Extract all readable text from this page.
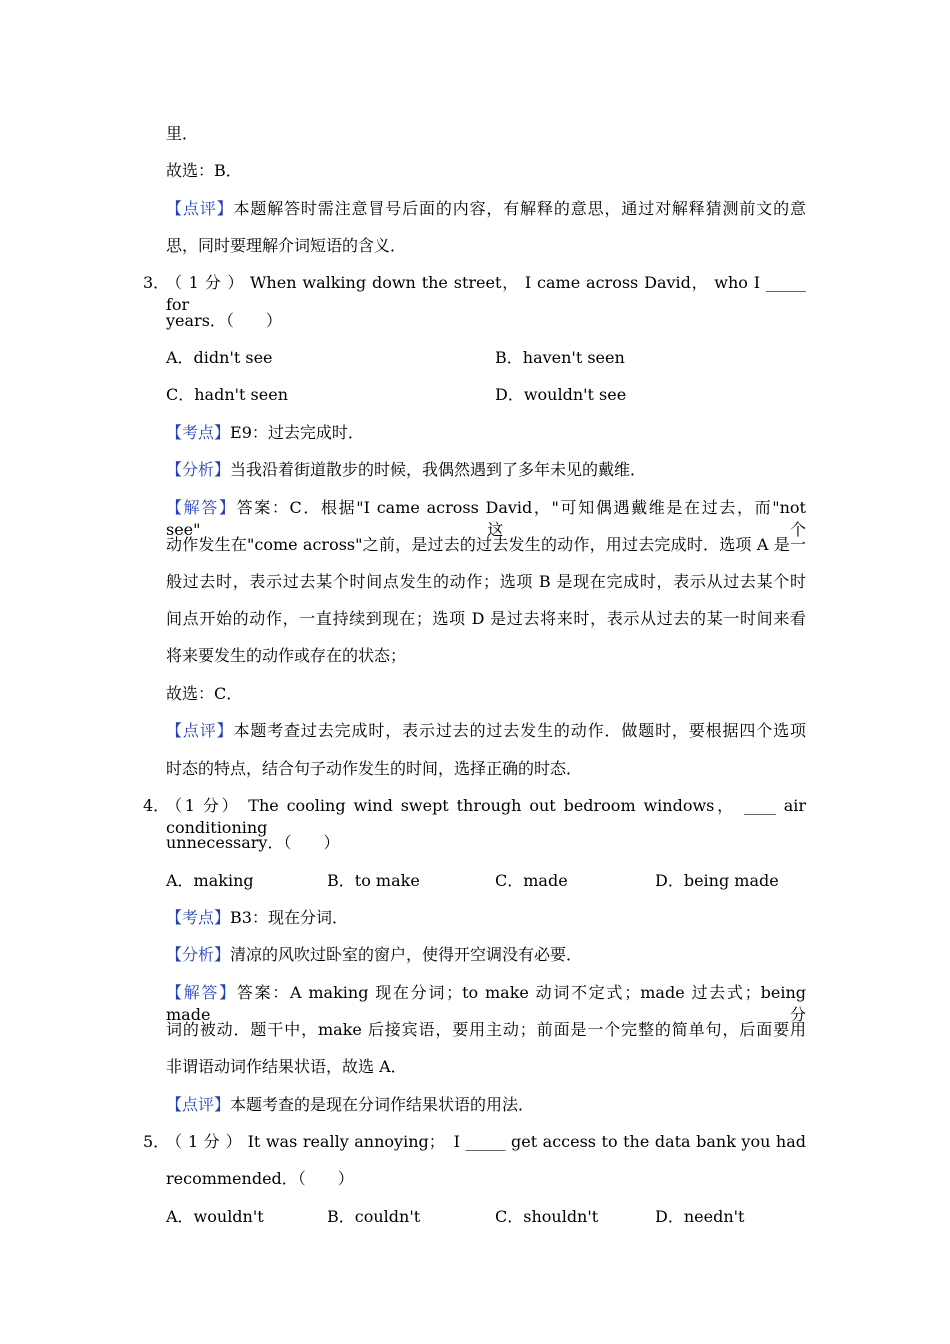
里．
故选：B．
【点评】本题解答时需注意冒号后面的内容，有解释的意思，通过对解释猜测前文的意
思，同时要理解介词短语的含义．
3．
（ 1 分 ） When walking down the street， I came across David， who I _____ for
years．（　　）
A．didn't see	B．haven't seen
C．hadn't seen	D．wouldn't see
【考点】E9：过去完成时．
【分析】当我沿着街道散步的时候，我偶然遇到了多年未见的戴维．
【解答】答案：C．根据"I came across David，"可知偶遇戴维是在过去，而"not see"这个
动作发生在"come across"之前，是过去的过去发生的动作，用过去完成时．选项 A 是一
般过去时，表示过去某个时间点发生的动作；选项 B 是现在完成时，表示从过去某个时
间点开始的动作，一直持续到现在；选项 D 是过去将来时，表示从过去的某一时间来看
将来要发生的动作或存在的状态；
故选：C．
【点评】本题考查过去完成时，表示过去的过去发生的动作．做题时，要根据四个选项
时态的特点，结合句子动作发生的时间，选择正确的时态．
4．
（1 分） The cooling wind swept through out bedroom windows， ____ air conditioning
unnecessary．（　　）
A．making	B．to make	C．made	D．being made
【考点】B3：现在分词．
【分析】清凉的风吹过卧室的窗户，使得开空调没有必要．
【解答】答案：A making 现在分词；to make 动词不定式；made 过去式；being made 分
词的被动．题干中，make 后接宾语，要用主动；前面是一个完整的简单句，后面要用
非谓语动词作结果状语，故选 A．
【点评】本题考查的是现在分词作结果状语的用法．
5．
（ 1 分 ） It was really annoying；　I _____ get access to the data bank you had
recommended．（　　）
A．wouldn't	B．couldn't	C．shouldn't	D．needn't
